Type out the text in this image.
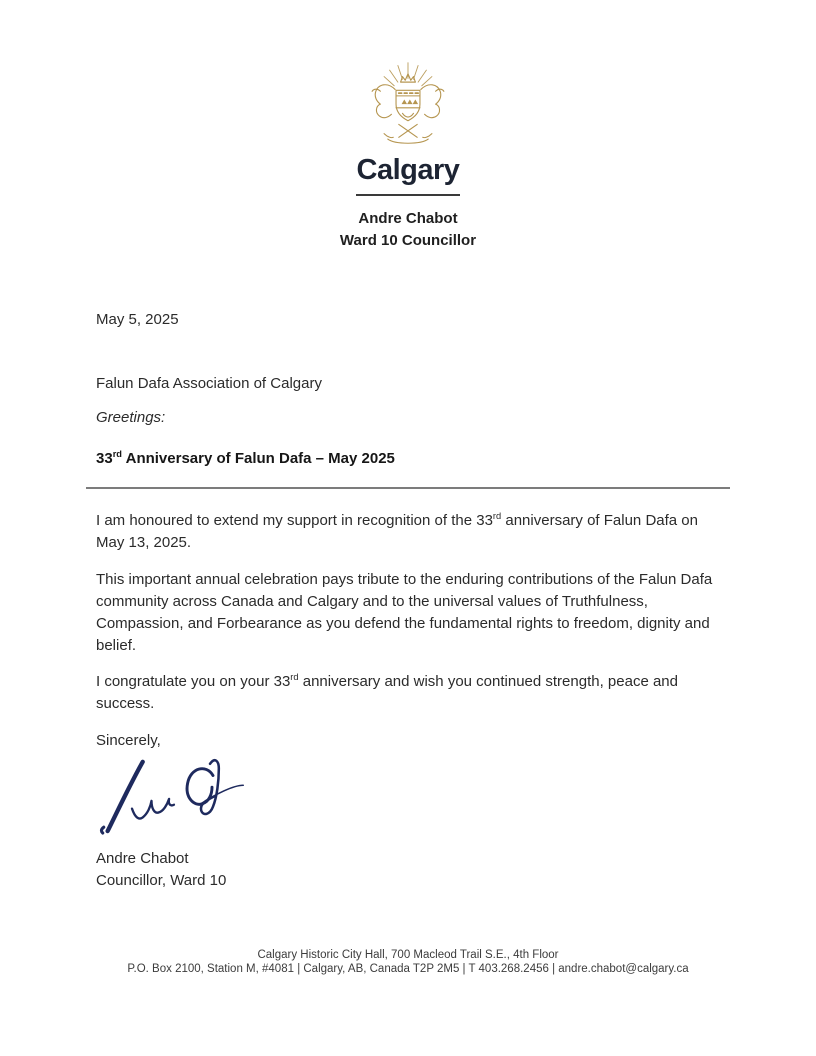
Calgary
Andre Chabot
Ward 10 Councillor
May 5, 2025
Falun Dafa Association of Calgary
Greetings:
33rd Anniversary of Falun Dafa – May 2025

I am honoured to extend my support in recognition of the 33rd anniversary of Falun Dafa on May 13, 2025.

This important annual celebration pays tribute to the enduring contributions of the Falun Dafa community across Canada and Calgary and to the universal values of Truthfulness, Compassion, and Forbearance as you defend the fundamental rights to freedom, dignity and belief.

I congratulate you on your 33rd anniversary and wish you continued strength, peace and success.

Sincerely,
Andre Chabot
Councillor, Ward 10
Calgary Historic City Hall, 700 Macleod Trail S.E., 4th Floor
P.O. Box 2100, Station M, #4081 | Calgary, AB, Canada T2P 2M5 | T 403.268.2456 | andre.chabot@calgary.ca
